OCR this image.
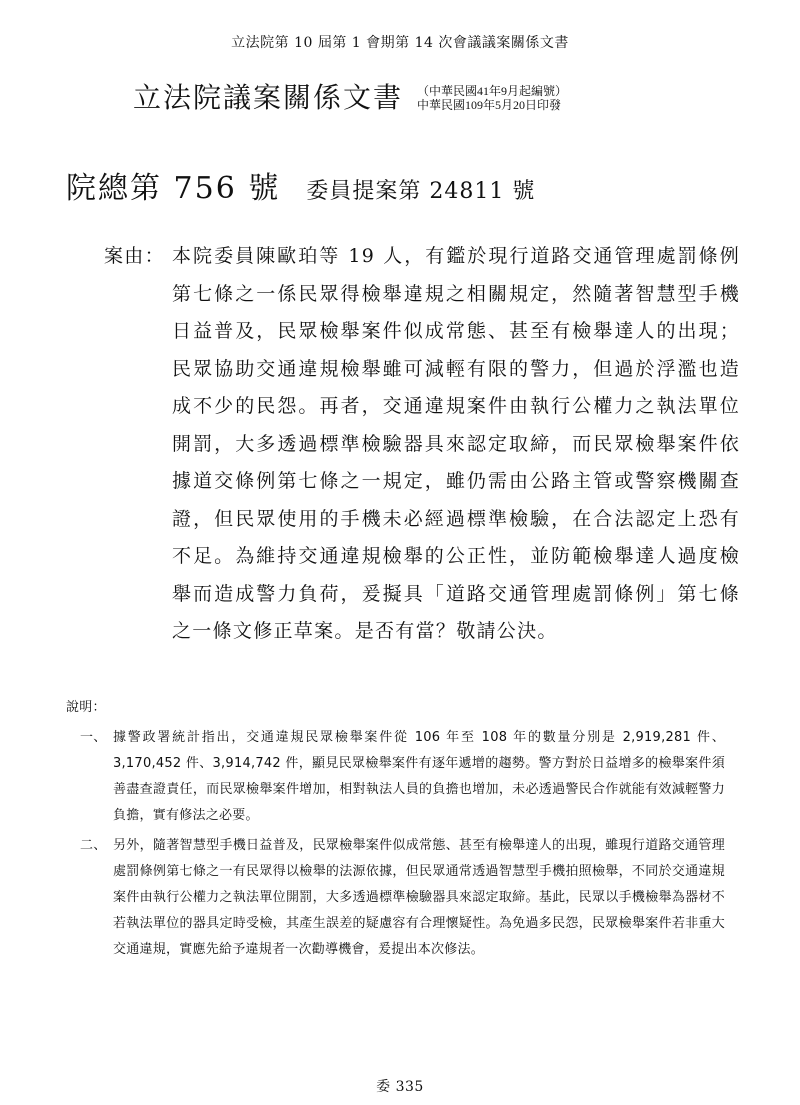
立法院第 10 屆第 1 會期第 14 次會議議案關係文書
立法院議案關係文書 （中華民國41年9月起編號）
中華民國109年5月20日印發
院總第 756 號 委員提案第 24811 號
案由： 本院委員陳歐珀等 19 人，有鑑於現行道路交通管理處罰條例第七條之一係民眾得檢舉違規之相關規定，然隨著智慧型手機日益普及，民眾檢舉案件似成常態、甚至有檢舉達人的出現；民眾協助交通違規檢舉雖可減輕有限的警力，但過於浮濫也造成不少的民怨。再者，交通違規案件由執行公權力之執法單位開罰，大多透過標準檢驗器具來認定取締，而民眾檢舉案件依據道交條例第七條之一規定，雖仍需由公路主管或警察機關查證，但民眾使用的手機未必經過標準檢驗，在合法認定上恐有不足。為維持交通違規檢舉的公正性，並防範檢舉達人過度檢舉而造成警力負荷，爰擬具「道路交通管理處罰條例」第七條之一條文修正草案。是否有當？敬請公決。
說明：
一、 據警政署統計指出，交通違規民眾檢舉案件從 106 年至 108 年的數量分別是 2,919,281 件、3,170,452 件、3,914,742 件，顯見民眾檢舉案件有逐年遞增的趨勢。警方對於日益增多的檢舉案件須善盡查證責任，而民眾檢舉案件增加，相對執法人員的負擔也增加，未必透過警民合作就能有效減輕警力負擔，實有修法之必要。
二、 另外，隨著智慧型手機日益普及，民眾檢舉案件似成常態、甚至有檢舉達人的出現，雖現行道路交通管理處罰條例第七條之一有民眾得以檢舉的法源依據，但民眾通常透過智慧型手機拍照檢舉，不同於交通違規案件由執行公權力之執法單位開罰，大多透過標準檢驗器具來認定取締。基此，民眾以手機檢舉為器材不若執法單位的器具定時受檢，其產生誤差的疑慮容有合理懷疑性。為免過多民怨，民眾檢舉案件若非重大交通違規，實應先給予違規者一次勸導機會，爰提出本次修法。
委 335
